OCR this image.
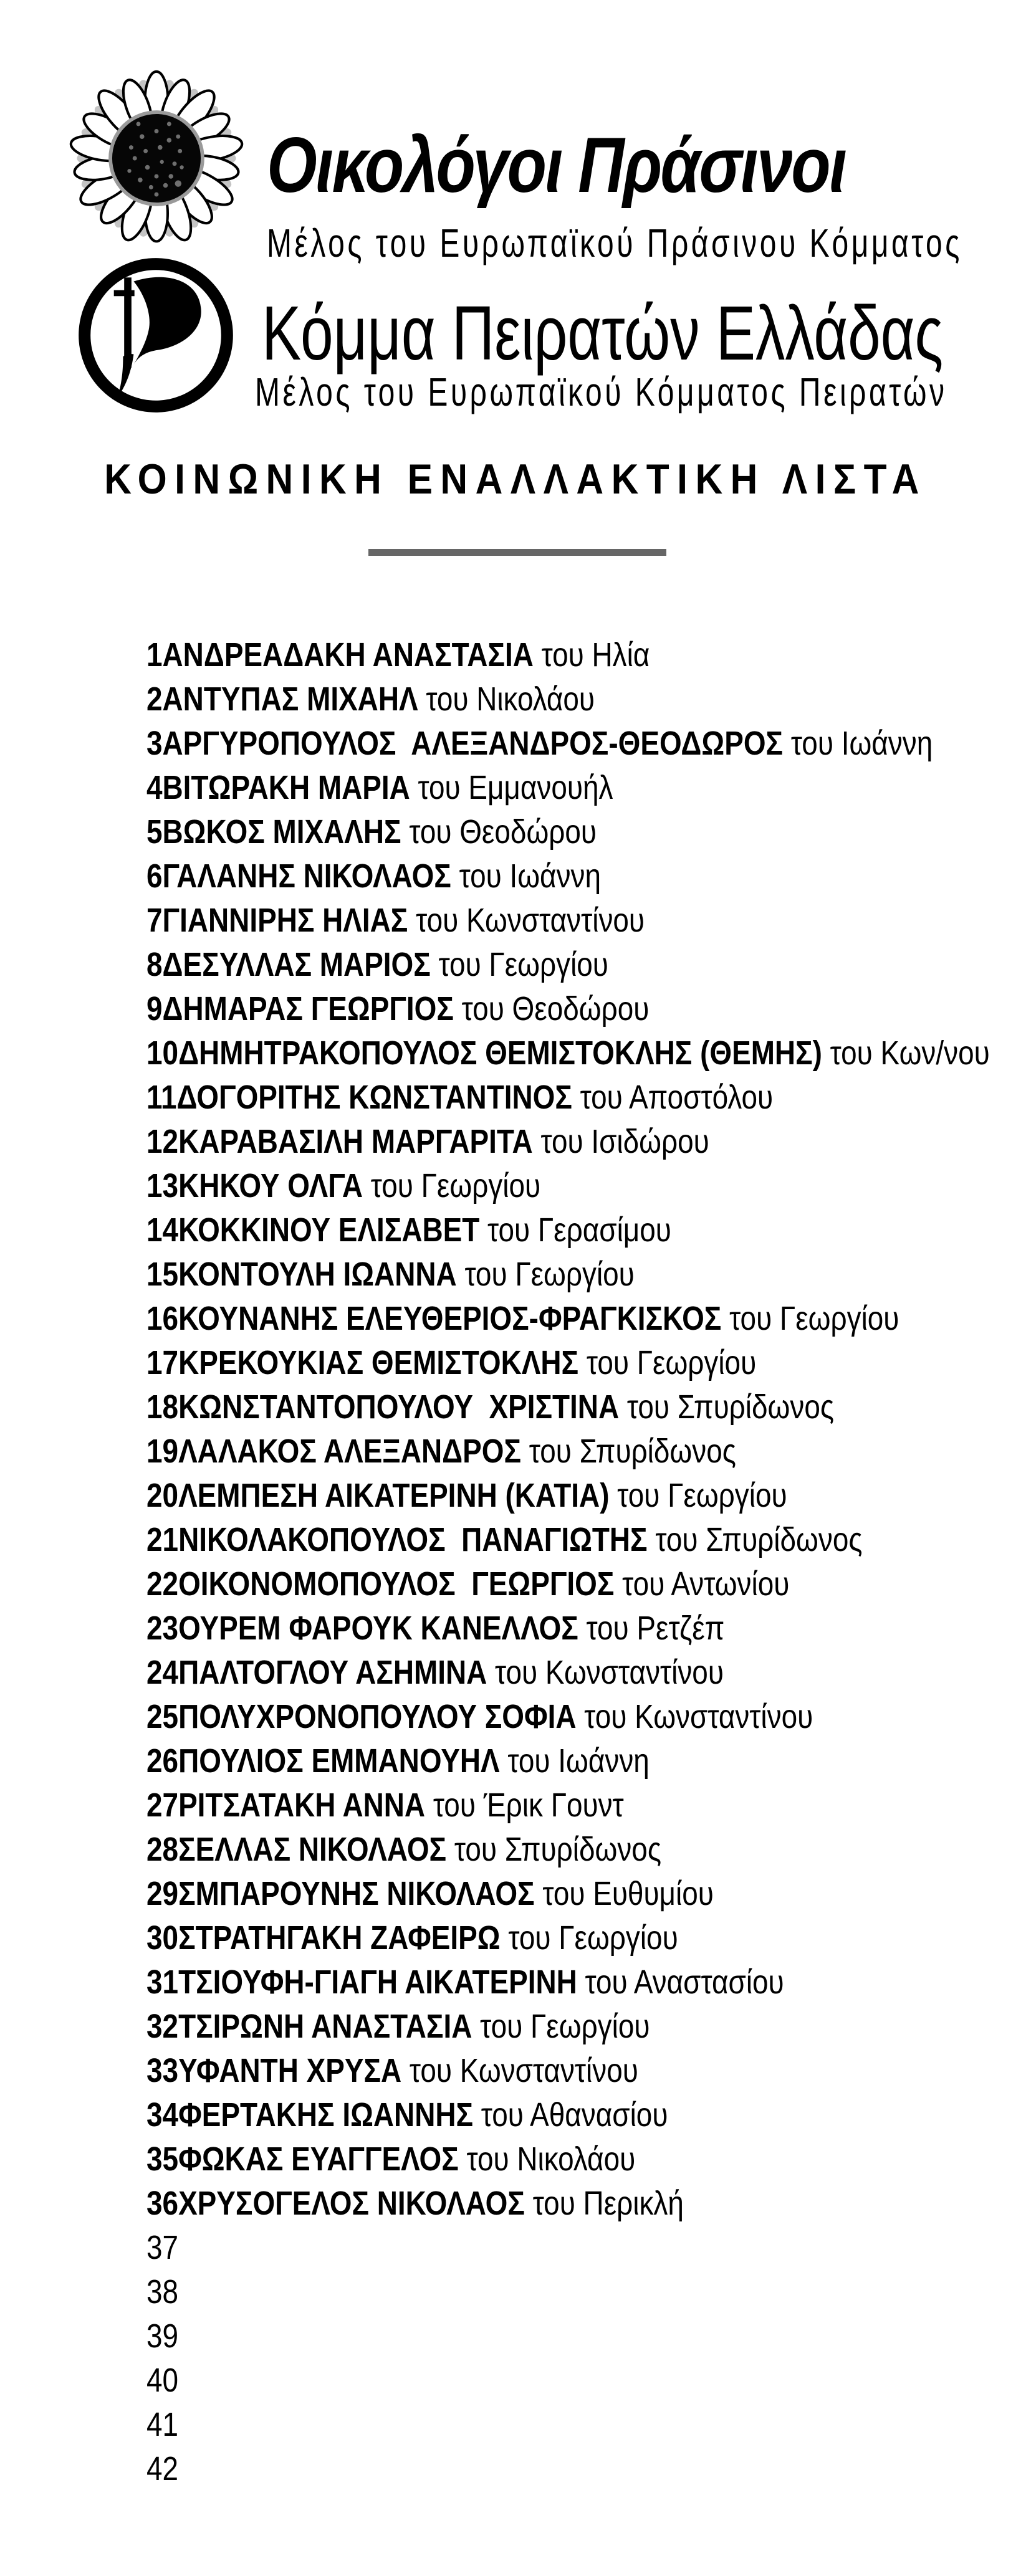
Οικολόγοι Πράσινοι
Μέλος του Ευρωπαϊκού Πράσινου Κόμματος
Κόμμα Πειρατών Ελλάδας
Μέλος του Ευρωπαϊκού Κόμματος Πειρατών
ΚΟΙΝΩΝΙΚΗ ΕΝΑΛΛΑΚΤΙΚΗ ΛΙΣΤΑ
1ΑΝΔΡΕΑΔΑΚΗ ΑΝΑΣΤΑΣΙΑ του Ηλία
2ΑΝΤΥΠΑΣ ΜΙΧΑΗΛ του Νικολάου
3ΑΡΓΥΡΟΠΟΥΛΟΣ  ΑΛΕΞΑΝΔΡΟΣ-ΘΕΟΔΩΡΟΣ του Ιωάννη
4ΒΙΤΩΡΑΚΗ ΜΑΡΙΑ του Εμμανουήλ
5ΒΩΚΟΣ ΜΙΧΑΛΗΣ του Θεοδώρου
6ΓΑΛΑΝΗΣ ΝΙΚΟΛΑΟΣ του Ιωάννη
7ΓΙΑΝΝΙΡΗΣ ΗΛΙΑΣ του Κωνσταντίνου
8ΔΕΣΥΛΛΑΣ ΜΑΡΙΟΣ του Γεωργίου
9ΔΗΜΑΡΑΣ ΓΕΩΡΓΙΟΣ του Θεοδώρου
10ΔΗΜΗΤΡΑΚΟΠΟΥΛΟΣ ΘΕΜΙΣΤΟΚΛΗΣ (ΘΕΜΗΣ) του Κων/νου
11ΔΟΓΟΡΙΤΗΣ ΚΩΝΣΤΑΝΤΙΝΟΣ του Αποστόλου
12ΚΑΡΑΒΑΣΙΛΗ ΜΑΡΓΑΡΙΤΑ του Ισιδώρου
13ΚΗΚΟΥ ΟΛΓΑ του Γεωργίου
14ΚΟΚΚΙΝΟΥ ΕΛΙΣΑΒΕΤ του Γερασίμου
15ΚΟΝΤΟΥΛΗ ΙΩΑΝΝΑ του Γεωργίου
16ΚΟΥΝΑΝΗΣ ΕΛΕΥΘΕΡΙΟΣ-ΦΡΑΓΚΙΣΚΟΣ του Γεωργίου
17ΚΡΕΚΟΥΚΙΑΣ ΘΕΜΙΣΤΟΚΛΗΣ του Γεωργίου
18ΚΩΝΣΤΑΝΤΟΠΟΥΛΟΥ  ΧΡΙΣΤΙΝΑ του Σπυρίδωνος
19ΛΑΛΑΚΟΣ ΑΛΕΞΑΝΔΡΟΣ του Σπυρίδωνος
20ΛΕΜΠΕΣΗ ΑΙΚΑΤΕΡΙΝΗ (ΚΑΤΙΑ) του Γεωργίου
21ΝΙΚΟΛΑΚΟΠΟΥΛΟΣ  ΠΑΝΑΓΙΩΤΗΣ του Σπυρίδωνος
22ΟΙΚΟΝΟΜΟΠΟΥΛΟΣ  ΓΕΩΡΓΙΟΣ του Αντωνίου
23ΟΥΡΕΜ ΦΑΡΟΥΚ ΚΑΝΕΛΛΟΣ του Ρετζέπ
24ΠΑΛΤΟΓΛΟΥ ΑΣΗΜΙΝΑ του Κωνσταντίνου
25ΠΟΛΥΧΡΟΝΟΠΟΥΛΟΥ ΣΟΦΙΑ του Κωνσταντίνου
26ΠΟΥΛΙΟΣ ΕΜΜΑΝΟΥΗΛ του Ιωάννη
27ΡΙΤΣΑΤΑΚΗ ΑΝΝΑ του Έρικ Γουντ
28ΣΕΛΛΑΣ ΝΙΚΟΛΑΟΣ του Σπυρίδωνος
29ΣΜΠΑΡΟΥΝΗΣ ΝΙΚΟΛΑΟΣ του Ευθυμίου
30ΣΤΡΑΤΗΓΑΚΗ ΖΑΦΕΙΡΩ του Γεωργίου
31ΤΣΙΟΥΦΗ-ΓΙΑΓΗ ΑΙΚΑΤΕΡΙΝΗ του Αναστασίου
32ΤΣΙΡΩΝΗ ΑΝΑΣΤΑΣΙΑ του Γεωργίου
33ΥΦΑΝΤΗ ΧΡΥΣΑ του Κωνσταντίνου
34ΦΕΡΤΑΚΗΣ ΙΩΑΝΝΗΣ του Αθανασίου
35ΦΩΚΑΣ ΕΥΑΓΓΕΛΟΣ του Νικολάου
36ΧΡΥΣΟΓΕΛΟΣ ΝΙΚΟΛΑΟΣ του Περικλή
37
38
39
40
41
42
